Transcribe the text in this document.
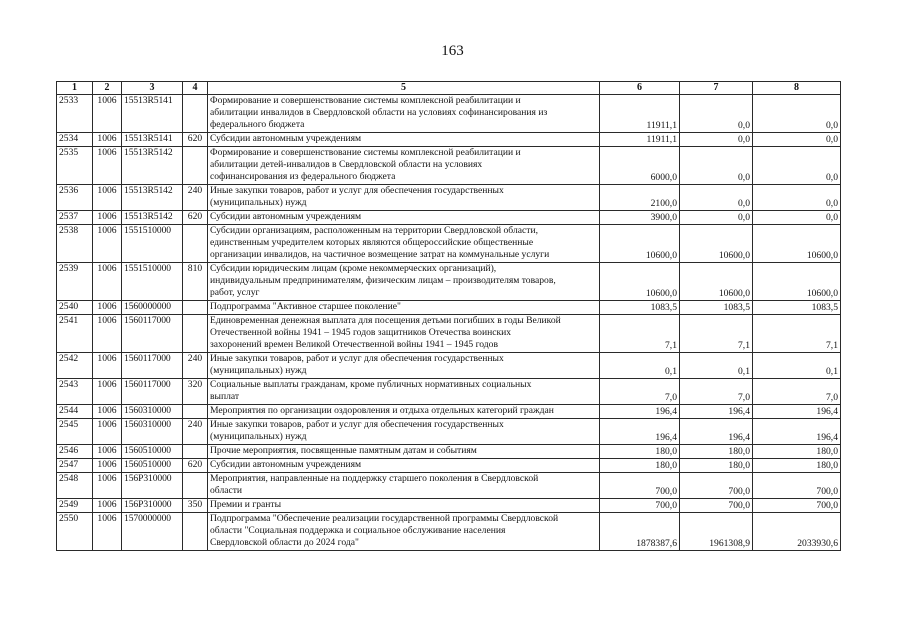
163
1	2	3	4	5	6	7	8
2533	1006	15513R5141		Формирование и совершенствование системы комплексной реабилитации и
абилитации инвалидов в Свердловской области на условиях софинансирования из
федерального бюджета	11911,1	0,0	0,0
2534	1006	15513R5141	620	Субсидии автономным учреждениям	11911,1	0,0	0,0
2535	1006	15513R5142		Формирование и совершенствование системы комплексной реабилитации и
абилитации детей-инвалидов в Свердловской области на условиях
софинансирования из федерального бюджета	6000,0	0,0	0,0
2536	1006	15513R5142	240	Иные закупки товаров, работ и услуг для обеспечения государственных
(муниципальных) нужд	2100,0	0,0	0,0
2537	1006	15513R5142	620	Субсидии автономным учреждениям	3900,0	0,0	0,0
2538	1006	1551510000		Субсидии организациям, расположенным на территории Свердловской области,
единственным учредителем которых являются общероссийские общественные
организации инвалидов, на частичное возмещение затрат на коммунальные услуги	10600,0	10600,0	10600,0
2539	1006	1551510000	810	Субсидии юридическим лицам (кроме некоммерческих организаций),
индивидуальным предпринимателям, физическим лицам – производителям товаров,
работ, услуг	10600,0	10600,0	10600,0
2540	1006	1560000000		Подпрограмма "Активное старшее поколение"	1083,5	1083,5	1083,5
2541	1006	1560117000		Единовременная денежная выплата для посещения детьми погибших в годы Великой
Отечественной войны 1941 – 1945 годов защитников Отечества воинских
захоронений времен Великой Отечественной войны 1941 – 1945 годов	7,1	7,1	7,1
2542	1006	1560117000	240	Иные закупки товаров, работ и услуг для обеспечения государственных
(муниципальных) нужд	0,1	0,1	0,1
2543	1006	1560117000	320	Социальные выплаты гражданам, кроме публичных нормативных социальных
выплат	7,0	7,0	7,0
2544	1006	1560310000		Мероприятия по организации оздоровления и отдыха отдельных категорий граждан	196,4	196,4	196,4
2545	1006	1560310000	240	Иные закупки товаров, работ и услуг для обеспечения государственных
(муниципальных) нужд	196,4	196,4	196,4
2546	1006	1560510000		Прочие мероприятия, посвященные памятным датам и событиям	180,0	180,0	180,0
2547	1006	1560510000	620	Субсидии автономным учреждениям	180,0	180,0	180,0
2548	1006	156P310000		Мероприятия, направленные на поддержку старшего поколения в Свердловской
области	700,0	700,0	700,0
2549	1006	156P310000	350	Премии и гранты	700,0	700,0	700,0
2550	1006	1570000000		Подпрограмма "Обеспечение реализации государственной программы Свердловской
области "Социальная поддержка и социальное обслуживание населения
Свердловской области до 2024 года"	1878387,6	1961308,9	2033930,6
